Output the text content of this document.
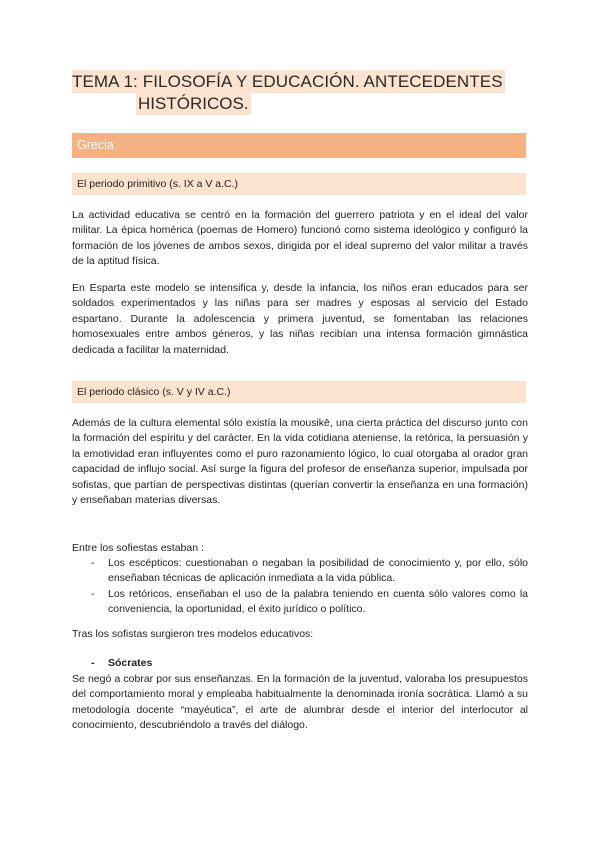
TEMA 1: FILOSOFÍA Y EDUCACIÓN. ANTECEDENTES
HISTÓRICOS.
Grecia
El periodo primitivo (s. IX a V a.C.)

La actividad educativa se centró en la formación del guerrero patriota y en el ideal del valor militar. La épica homérica (poemas de Homero) funcionó como sistema ideológico y configuró la formación de los jóvenes de ambos sexos, dirigida por el ideal supremo del valor militar a través de la aptitud física.

En Esparta este modelo se intensifica y, desde la infancia, los niños eran educados para ser soldados experimentados y las niñas para ser madres y esposas al servicio del Estado espartano. Durante la adolescencia y primera juventud, se fomentaban las relaciones homosexuales entre ambos géneros, y las niñas recibían una intensa formación gimnástica dedicada a facilitar la maternidad.

El periodo clásico (s. V y IV a.C.)

Además de la cultura elemental sólo existía la mousikē, una cierta práctica del discurso junto con la formación del espíritu y del carácter. En la vida cotidiana ateniense, la retórica, la persuasión y la emotividad eran influyentes como el puro razonamiento lógico, lo cual otorgaba al orador gran capacidad de influjo social. Así surge la figura del profesor de enseñanza superior, impulsada por sofistas, que partían de perspectivas distintas (querían convertir la enseñanza en una formación) y enseñaban materias diversas.

Entre los sofiestas estaban :

- Los escépticos: cuestionaban o negaban la posibilidad de conocimiento y, por ello, sólo enseñaban técnicas de aplicación inmediata a la vida pública.
- Los retóricos, enseñaban el uso de la palabra teniendo en cuenta sólo valores como la conveniencia, la oportunidad, el éxito jurídico o político.

Tras los sofistas surgieron tres modelos educativos:

- Sócrates

Se negó a cobrar por sus enseñanzas. En la formación de la juventud, valoraba los presupuestos del comportamiento moral y empleaba habitualmente la denominada ironía socrática. Llamó a su metodología docente “mayéutica”, el arte de alumbrar desde el interior del interlocutor al conocimiento, descubriéndolo a través del diálogo.
